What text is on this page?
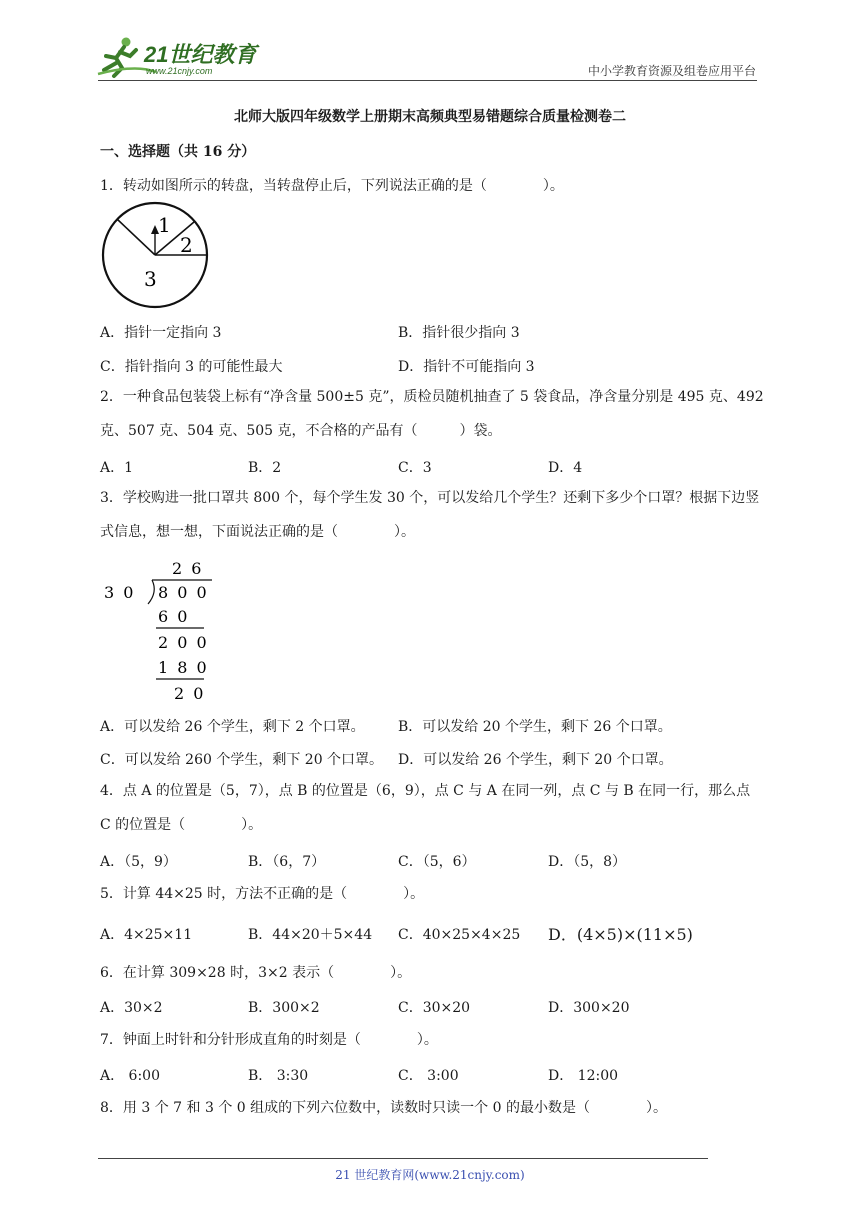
21世纪教育
www.21cnjy.com	中小学教育资源及组卷应用平台
北师大版四年级数学上册期末高频典型易错题综合质量检测卷二
一、选择题（共 16 分）
1．转动如图所示的转盘，当转盘停止后，下列说法正确的是（　　　　）。
1
2
3
A．指针一定指向 3	B．指针很少指向 3
C．指针指向 3 的可能性最大	D．指针不可能指向 3
2．一种食品包装袋上标有“净含量 500±5 克”，质检员随机抽查了 5 袋食品，净含量分别是 495 克、492 克、507 克、504 克、505 克，不合格的产品有（　　　）袋。
A．1	B．2	C．3	D．4
3．学校购进一批口罩共 800 个，每个学生发 30 个，可以发给几个学生？还剩下多少个口罩？根据下边竖式信息，想一想，下面说法正确的是（　　　　）。
2 6
3 0 8 0 0
6 0
2 0 0
1 8 0
2 0
A．可以发给 26 个学生，剩下 2 个口罩。 B．可以发给 20 个学生，剩下 26 个口罩。
C．可以发给 260 个学生，剩下 20 个口罩。 D．可以发给 26 个学生，剩下 20 个口罩。
4．点 A 的位置是（5，7），点 B 的位置是（6，9），点 C 与 A 在同一列，点 C 与 B 在同一行，那么点 C 的位置是（　　　　）。
A．（5，9）	B．（6，7）	C．（5，6）	D．（5，8）
5．计算 44×25 时，方法不正确的是（　　　　）。
A．4×25×11	B．44×20＋5×44 C．40×25×4×25 D．(4×5)×(11×5)
6．在计算 309×28 时，3×2 表示（　　　　）。
A．30×2	B．300×2	C．30×20	D．300×20
7．钟面上时针和分针形成直角的时刻是（　　　　）。
A． 6:00	B． 3:30	C． 3:00	D． 12:00
8．用 3 个 7 和 3 个 0 组成的下列六位数中，读数时只读一个 0 的最小数是（　　　　）。
21 世纪教育网(www.21cnjy.com)
